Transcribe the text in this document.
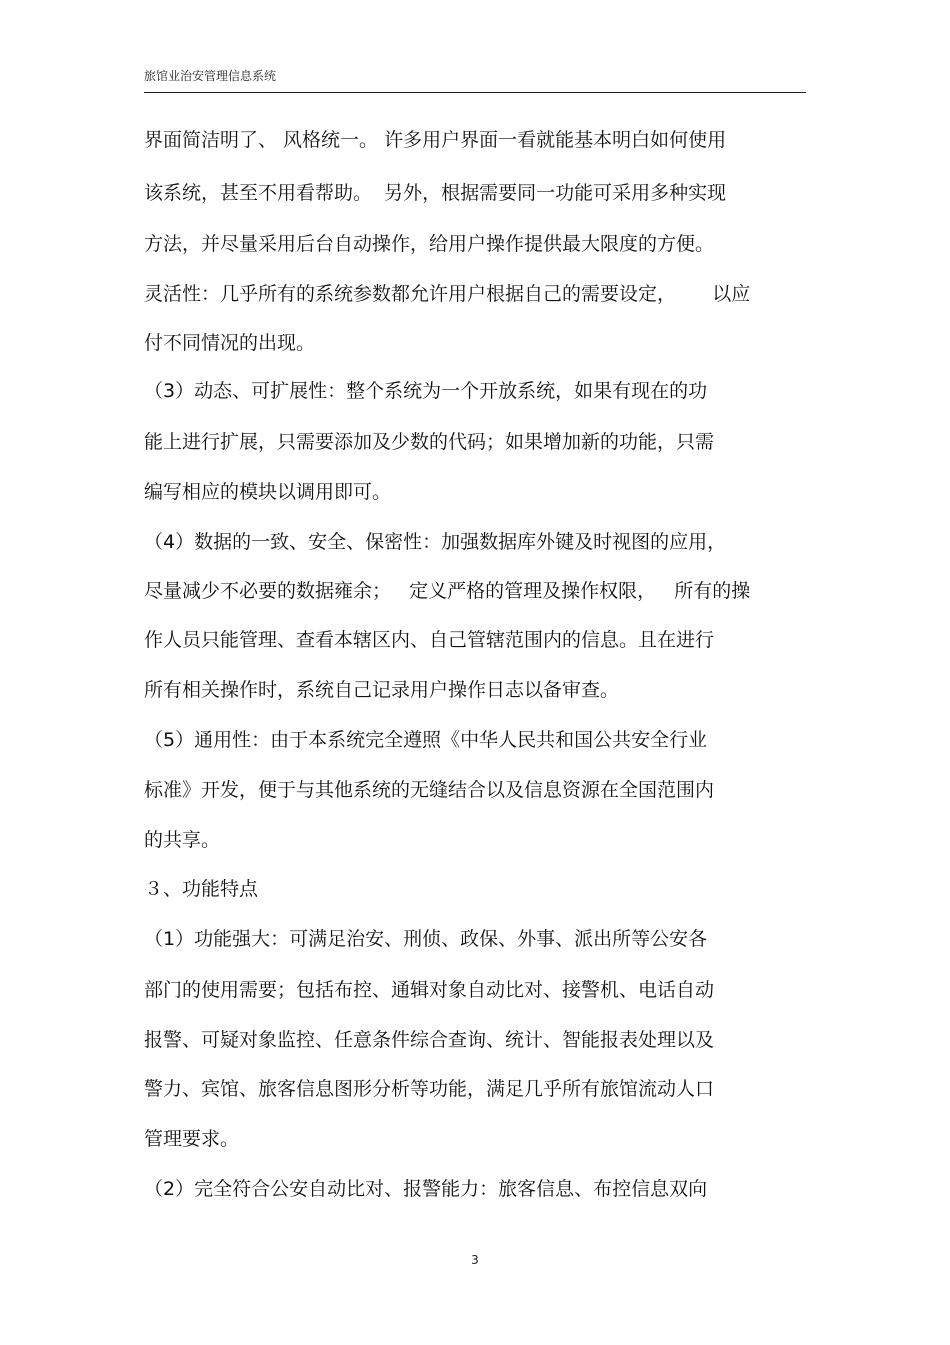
旅馆业治安管理信息系统
界面简洁明了、 风格统一。 许多用户界面一看就能基本明白如何使用
该系统，甚至不用看帮助。  另外，根据需要同一功能可采用多种实现
方法，并尽量采用后台自动操作，给用户操作提供最大限度的方便。
灵活性：几乎所有的系统参数都允许用户根据自己的需要设定，      以应
付不同情况的出现。
（3）动态、可扩展性：整个系统为一个开放系统，如果有现在的功
能上进行扩展，只需要添加及少数的代码；如果增加新的功能，只需
编写相应的模块以调用即可。
（4）数据的一致、安全、保密性：加强数据库外键及时视图的应用，
尽量减少不必要的数据雍余；   定义严格的管理及操作权限，   所有的操
作人员只能管理、查看本辖区内、自己管辖范围内的信息。且在进行
所有相关操作时，系统自己记录用户操作日志以备审查。
（5）通用性：由于本系统完全遵照《中华人民共和国公共安全行业
标准》开发，便于与其他系统的无缝结合以及信息资源在全国范围内
的共享。
３、功能特点
（1）功能强大：可满足治安、刑侦、政保、外事、派出所等公安各
部门的使用需要；包括布控、通辑对象自动比对、接警机、电话自动
报警、可疑对象监控、任意条件综合查询、统计、智能报表处理以及
警力、宾馆、旅客信息图形分析等功能，满足几乎所有旅馆流动人口
管理要求。
（2）完全符合公安自动比对、报警能力：旅客信息、布控信息双向
3
